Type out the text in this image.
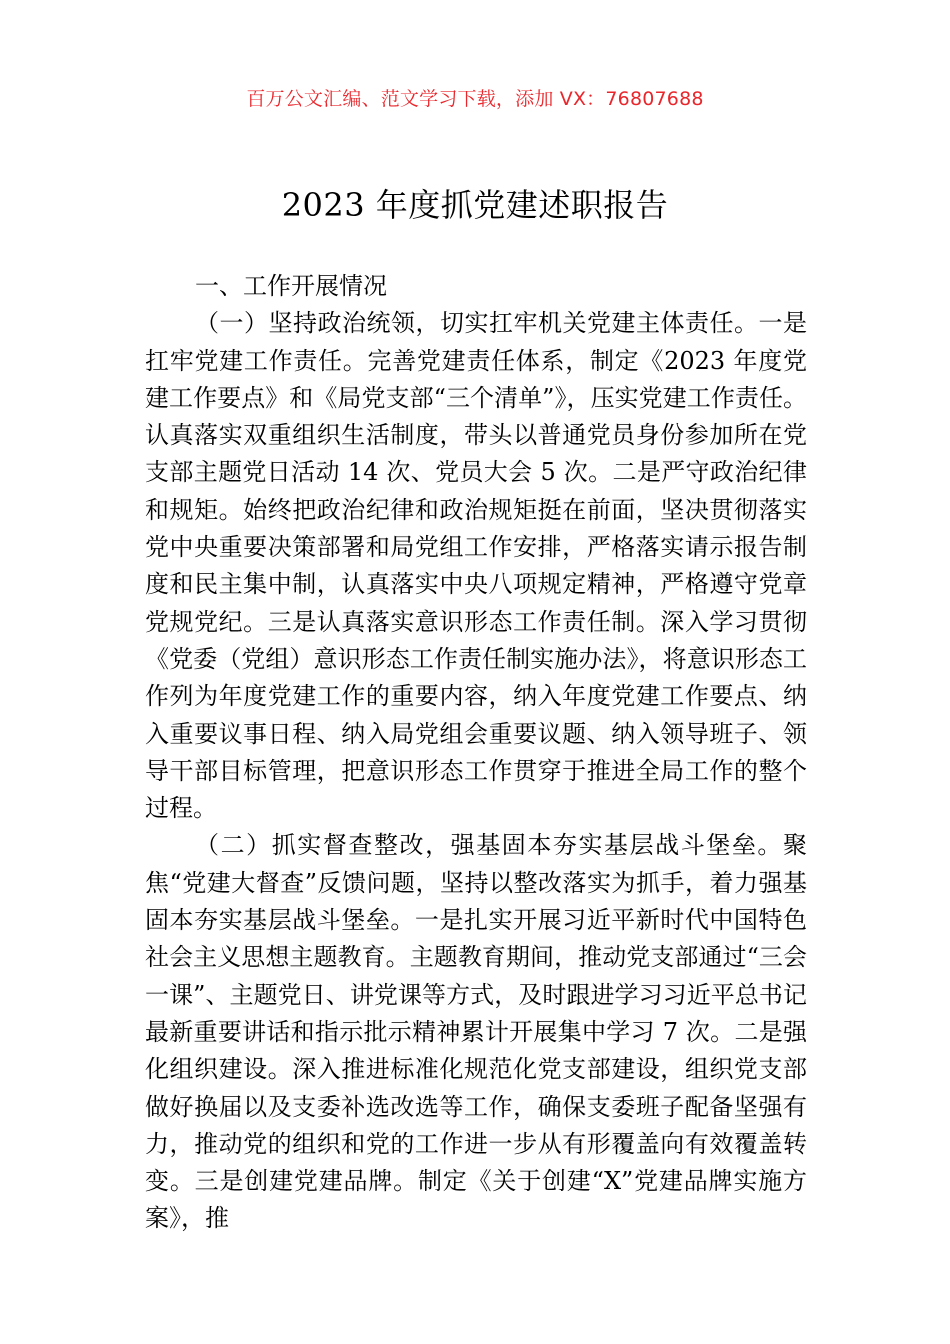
百万公文汇编、范文学习下载，添加 VX：76807688
2023 年度抓党建述职报告

一、工作开展情况

（一）坚持政治统领，切实扛牢机关党建主体责任。一是扛牢党建工作责任。完善党建责任体系，制定《2023 年度党建工作要点》和《局党支部“三个清单”》，压实党建工作责任。认真落实双重组织生活制度，带头以普通党员身份参加所在党支部主题党日活动 14 次、党员大会 5 次。二是严守政治纪律和规矩。始终把政治纪律和政治规矩挺在前面，坚决贯彻落实党中央重要决策部署和局党组工作安排，严格落实请示报告制度和民主集中制，认真落实中央八项规定精神，严格遵守党章党规党纪。三是认真落实意识形态工作责任制。深入学习贯彻《党委（党组）意识形态工作责任制实施办法》，将意识形态工作列为年度党建工作的重要内容，纳入年度党建工作要点、纳入重要议事日程、纳入局党组会重要议题、纳入领导班子、领导干部目标管理，把意识形态工作贯穿于推进全局工作的整个过程。

（二）抓实督查整改，强基固本夯实基层战斗堡垒。聚焦“党建大督查”反馈问题，坚持以整改落实为抓手，着力强基固本夯实基层战斗堡垒。一是扎实开展习近平新时代中国特色社会主义思想主题教育。主题教育期间，推动党支部通过“三会一课”、主题党日、讲党课等方式，及时跟进学习习近平总书记最新重要讲话和指示批示精神累计开展集中学习 7 次。二是强化组织建设。深入推进标准化规范化党支部建设，组织党支部做好换届以及支委补选改选等工作，确保支委班子配备坚强有力，推动党的组织和党的工作进一步从有形覆盖向有效覆盖转变。三是创建党建品牌。制定《关于创建“X”党建品牌实施方案》，推
